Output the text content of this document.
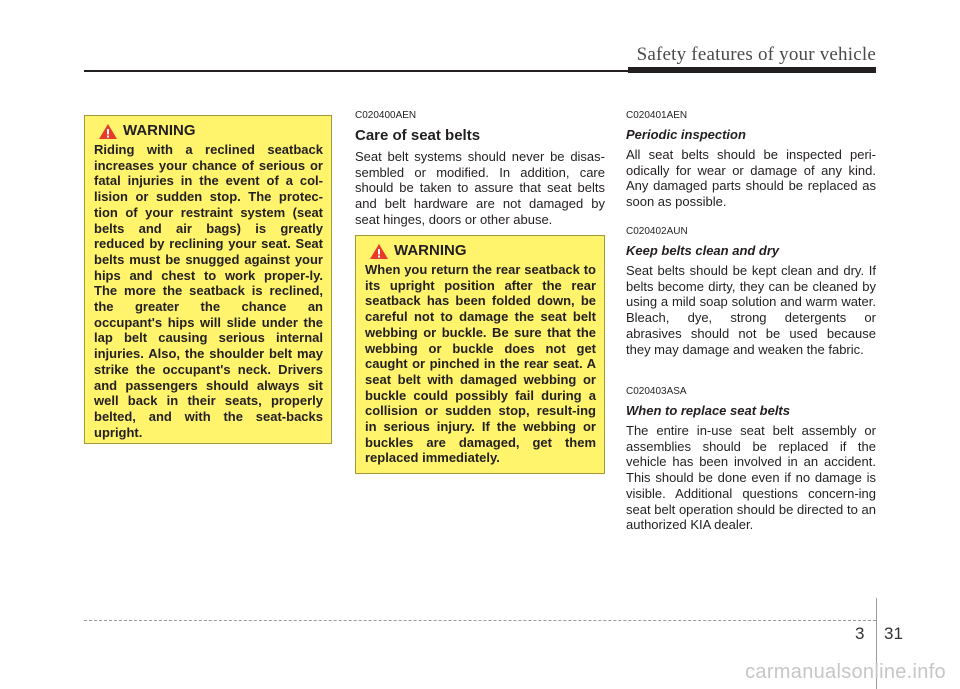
Safety features of your vehicle
WARNING
Riding with a reclined seatback increases your chance of serious or fatal injuries in the event of a col-lision or sudden stop. The protec-tion of your restraint system (seat belts and air bags) is greatly reduced by reclining your seat. Seat belts must be snugged against your hips and chest to work proper-ly. The more the seatback is reclined, the greater the chance an occupant's hips will slide under the lap belt causing serious internal injuries. Also, the shoulder belt may strike the occupant's neck. Drivers and passengers should always sit well back in their seats, properly belted, and with the seat-backs upright.
C020400AEN
Care of seat belts
Seat belt systems should never be disas-sembled or modified. In addition, care should be taken to assure that seat belts and belt hardware are not damaged by seat hinges, doors or other abuse.
WARNING
When you return the rear seatback to its upright position after the rear seatback has been folded down, be careful not to damage the seat belt webbing or buckle. Be sure that the webbing or buckle does not get caught or pinched in the rear seat. A seat belt with damaged webbing or buckle could possibly fail during a collision or sudden stop, result-ing in serious injury. If the webbing or buckles are damaged, get them replaced immediately.
C020401AEN
Periodic inspection
All seat belts should be inspected peri-odically for wear or damage of any kind. Any damaged parts should be replaced as soon as possible.
C020402AUN
Keep belts clean and dry
Seat belts should be kept clean and dry. If belts become dirty, they can be cleaned by using a mild soap solution and warm water. Bleach, dye, strong detergents or abrasives should not be used because they may damage and weaken the fabric.
C020403ASA
When to replace seat belts
The entire in-use seat belt assembly or assemblies should be replaced if the vehicle has been involved in an accident. This should be done even if no damage is visible. Additional questions concern-ing seat belt operation should be directed to an authorized KIA dealer.
3 31
carmanualsonline.info
